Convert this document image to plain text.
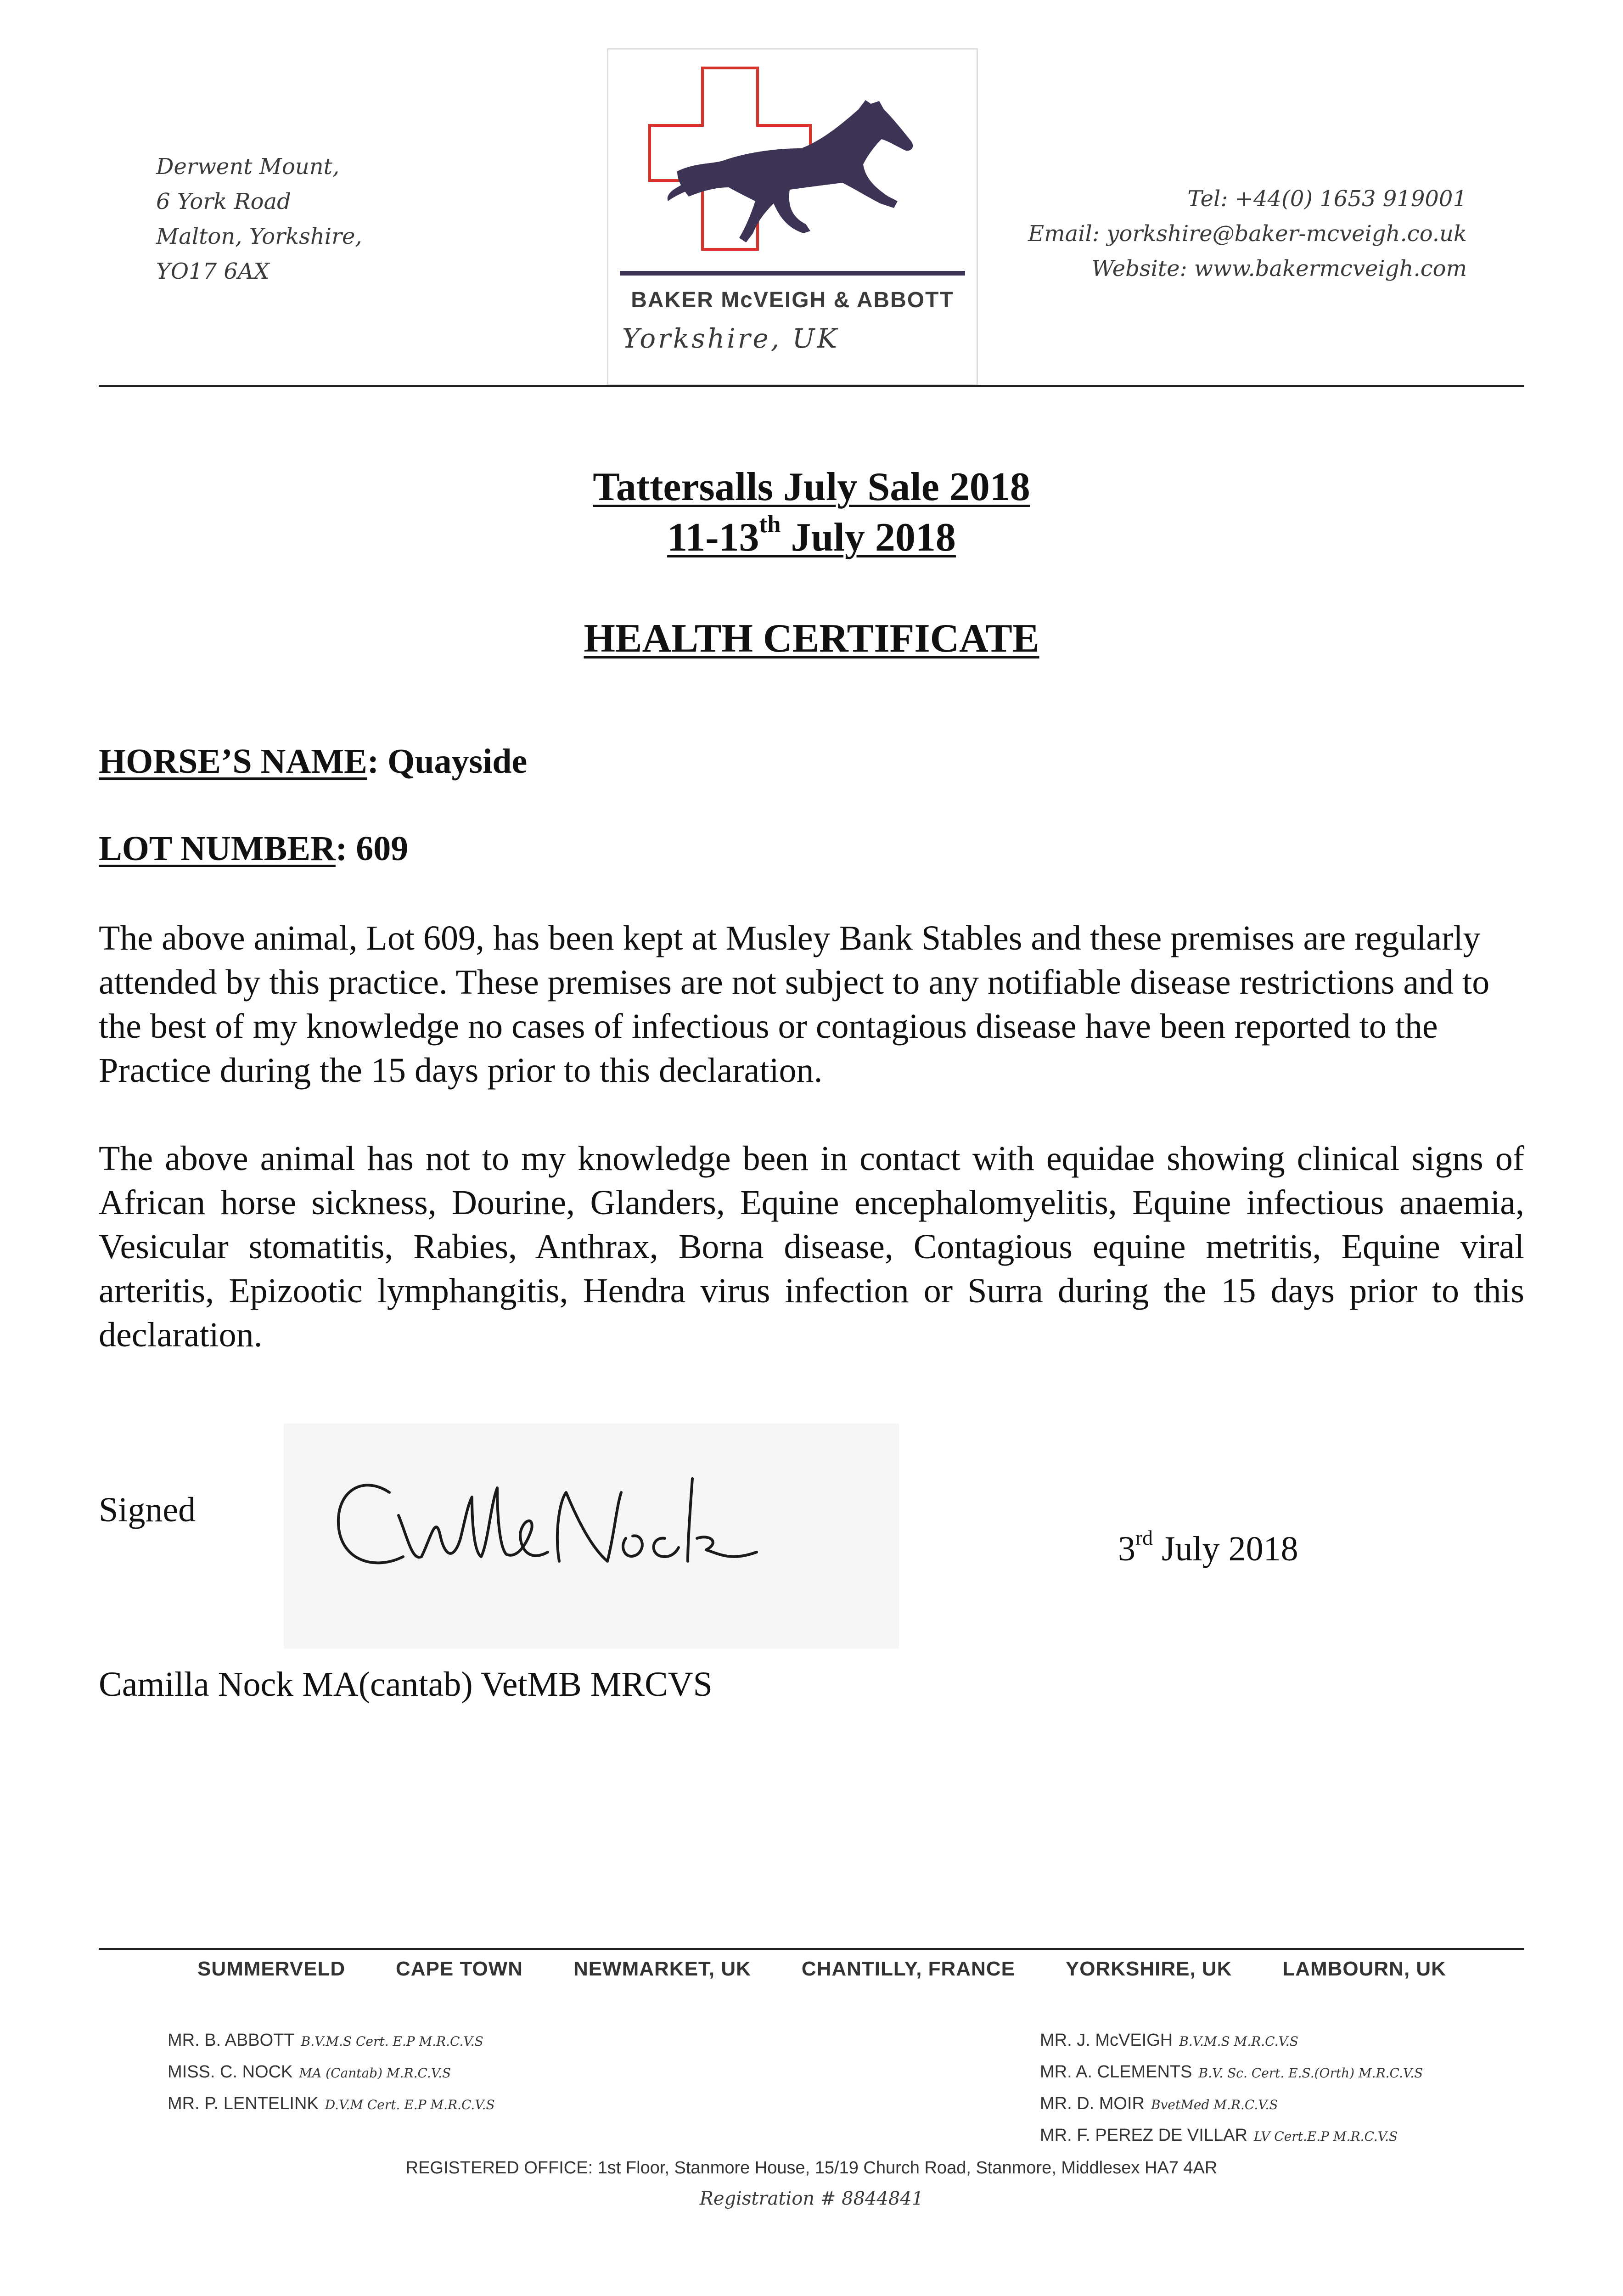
Derwent Mount,
6 York Road
Malton, Yorkshire,
YO17 6AX
BAKER McVEIGH & ABBOTT
Yorkshire, UK
Tel: +44(0) 1653 919001
Email: yorkshire@baker-mcveigh.co.uk
Website: www.bakermcveigh.com
Tattersalls July Sale 2018
11-13th July 2018
HEALTH CERTIFICATE
HORSE’S NAME: Quayside
LOT NUMBER: 609
The above animal, Lot 609, has been kept at Musley Bank Stables and these premises are regularly attended by this practice. These premises are not subject to any notifiable disease restrictions and to the best of my knowledge no cases of infectious or contagious disease have been reported to the Practice during the 15 days prior to this declaration.
The above animal has not to my knowledge been in contact with equidae showing clinical signs of African horse sickness, Dourine, Glanders, Equine encephalomyelitis, Equine infectious anaemia, Vesicular stomatitis, Rabies, Anthrax, Borna disease, Contagious equine metritis, Equine viral arteritis, Epizootic lymphangitis, Hendra virus infection or Surra during the 15 days prior to this declaration.
Signed
3rd July 2018
Camilla Nock MA(cantab) VetMB MRCVS
SUMMERVELD CAPE TOWN NEWMARKET, UK CHANTILLY, FRANCE YORKSHIRE, UK LAMBOURN, UK
MR. B. ABBOTT B.V.M.S Cert. E.P M.R.C.V.S
MISS. C. NOCK MA (Cantab) M.R.C.V.S
MR. P. LENTELINK D.V.M Cert. E.P M.R.C.V.S
MR. J. McVEIGH B.V.M.S M.R.C.V.S
MR. A. CLEMENTS B.V. Sc. Cert. E.S.(Orth) M.R.C.V.S
MR. D. MOIR BvetMed M.R.C.V.S
MR. F. PEREZ DE VILLAR LV Cert.E.P M.R.C.V.S
REGISTERED OFFICE: 1st Floor, Stanmore House, 15/19 Church Road, Stanmore, Middlesex HA7 4AR
Registration # 8844841
